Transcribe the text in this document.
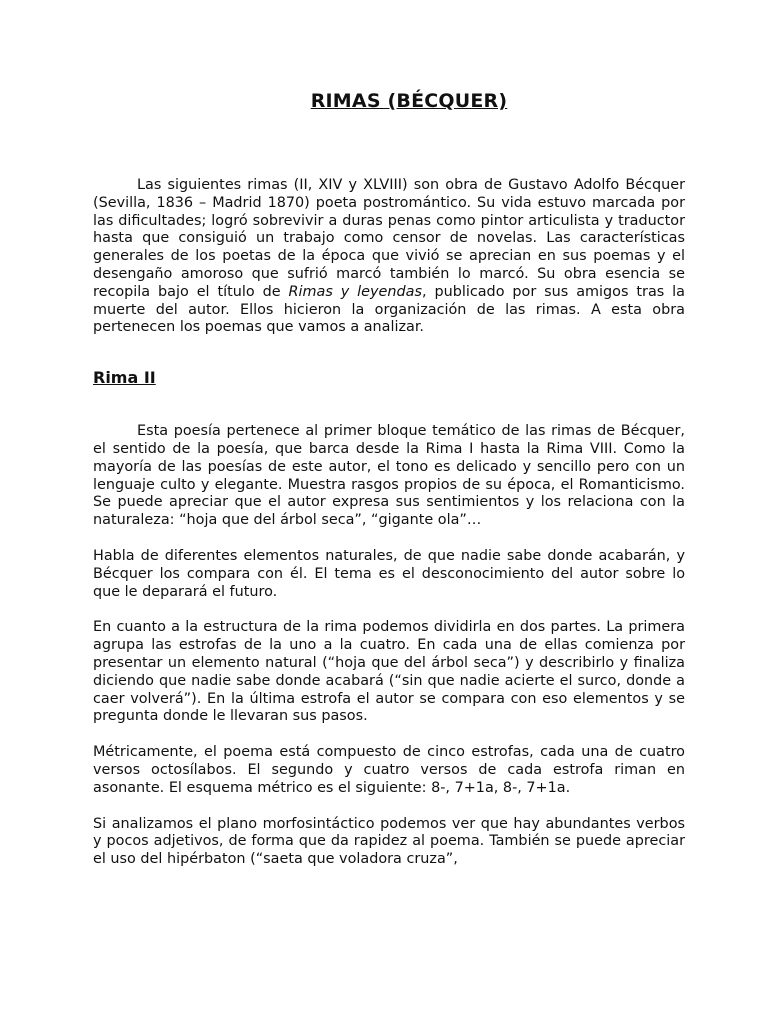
RIMAS (BÉCQUER)

Las siguientes rimas (II, XIV y XLVIII) son obra de Gustavo Adolfo Bécquer (Sevilla, 1836 – Madrid 1870) poeta postromántico. Su vida estuvo marcada por las dificultades; logró sobrevivir a duras penas como pintor articulista y traductor hasta que consiguió un trabajo como censor de novelas. Las características generales de los poetas de la época que vivió se aprecian en sus poemas y el desengaño amoroso que sufrió marcó también lo marcó. Su obra esencia se recopila bajo el título de Rimas y leyendas, publicado por sus amigos tras la muerte del autor. Ellos hicieron la organización de las rimas. A esta obra pertenecen los poemas que vamos a analizar.

Rima II

Esta poesía pertenece al primer bloque temático de las rimas de Bécquer, el sentido de la poesía, que barca desde la Rima I hasta la Rima VIII. Como la mayoría de las poesías de este autor, el tono es delicado y sencillo pero con un lenguaje culto y elegante. Muestra rasgos propios de su época, el Romanticismo. Se puede apreciar que el autor expresa sus sentimientos y los relaciona con la naturaleza: “hoja que del árbol seca”, “gigante ola”…

Habla de diferentes elementos naturales, de que nadie sabe donde acabarán, y Bécquer los compara con él. El tema es el desconocimiento del autor sobre lo que le deparará el futuro.

En cuanto a la estructura de la rima podemos dividirla en dos partes. La primera agrupa las estrofas de la uno a la cuatro. En cada una de ellas comienza por presentar un elemento natural (“hoja que del árbol seca”) y describirlo y finaliza diciendo que nadie sabe donde acabará (“sin que nadie acierte el surco, donde a caer volverá”). En la última estrofa el autor se compara con eso elementos y se pregunta donde le llevaran sus pasos.

Métricamente, el poema está compuesto de cinco estrofas, cada una de cuatro versos octosílabos. El segundo y cuatro versos de cada estrofa riman en asonante. El esquema métrico es el siguiente: 8-, 7+1a, 8-, 7+1a.

Si analizamos el plano morfosintáctico podemos ver que hay abundantes verbos y pocos adjetivos, de forma que da rapidez al poema. También se puede apreciar el uso del hipérbaton (“saeta que voladora cruza”,
